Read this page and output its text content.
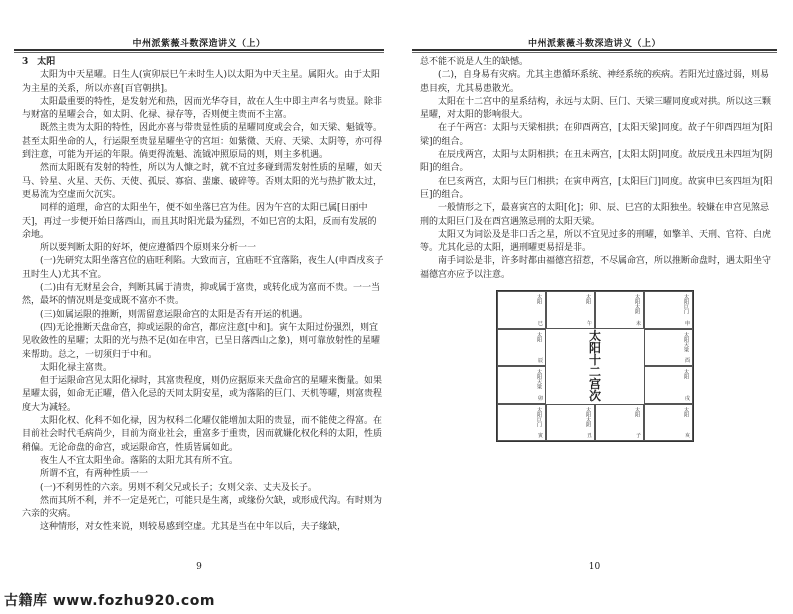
中州派紫薇斗数深造讲义（上）

3　太阳

太阳为中天星曜。日生人(寅卯辰巳午未时生人)以太阳为中天主星。属阳火。由于太阳为主星的关系，所以亦喜[百官朝拱]。

太阳最重要的特性，是发射光和热，因而光华夺目，故在人生中即主声名与贵显。除非与财富的星曜会合，如太阴、化禄、禄存等，否则便主贵而不主富。

既然主贵为太阳的特性，因此亦喜与带贵显性质的星曜同度或会合，如天梁、魁钺等。甚至太阳坐命的人，行运限至贵显星曜坐守的宫垣：如紫微、天府、天梁、太阴等，亦可得到注意，可能为开运的年限。倘更得流魁、流钺冲照原局的则，则主多机遇。

然而太阳既有发射的特性，所以为人慷之时，就不宜过多碰到需发射性质的星曜，如天马、铃星、火星、天伤、天使、孤辰、寡宿、蜚廉、破碎等。否则太阳的光与热扩散太过，更易流为空虚而欠沉实。

同样的道理，命宫的太阳坐午，便不如坐落巳宫为佳。因为午宫的太阳已属[日丽中天]，再过一步便开始日落西山，而且其时阳光最为猛烈，不如巳宫的太阳，反而有发展的余地。

所以要判断太阳的好坏，便应遵循四个原则来分析一一

(一)先研究太阳坐落宫位的庙旺利陷。大致而言，宜庙旺不宜落陷，夜生人(申酉戌亥子丑时生人)尤其不宜。

(二)由有无财星会合，判断其属于清贵，抑或属于富贵，或转化成为富而不贵。一一当然，最坏的情况则是变成既不富亦不贵。

(三)如属运限的推断，则需留意运限命宫的太阳是否有开运的机遇。

(四)无论推断天盘命宫，抑或运限的命宫，都应注意[中和]。寅午太阳过份强烈，则宜见收敛性的星曜；太阳的光与热不足(如在申宫，已呈日落西山之象)，则可靠放射性的星曜来帮助。总之，一切须归于中和。

太阳化禄主富贵。

但于运限命宫见太阳化禄时，其富贵程度，则仍应据原来天盘命宫的星曜来衡量。如果星曜太弱，如命无正曜，借入化忌的天同太阴安星，或为落陷的巨门、天机等曜，则富贵程度大为减轻。

太阳化权、化科不如化禄，因为权科二化曜仅能增加太阳的贵显，而不能使之得富。在目前社会时代毛病尚少，目前为商业社会，重富多于重贵，因而就嫌化权化科的太阳，性质稍偏。无论命盘的命宫，或运限命宫，性质皆属如此。

夜生人不宜太阳坐命。落陷的太阳尤其有所不宜。

所谓不宜，有两种性质一一

(一)不利男性的六亲。男则不利父兄或长子；女则父亲、丈夫及长子。

然而其所不利，并不一定是死亡，可能只是生离，或缘份欠缺，或形成代沟。有时则为六亲的灾病。

这种情形，对女性来说，则较易感到空虚。尤其是当在中年以后，夫子缘缺，

9
中州派紫薇斗数深造讲义（上）

总不能不说是人生的缺憾。

(二)，自身易有灾病。尤其主患循环系统、神经系统的疾病。若阳光过盛过弱，则易患目疾，尤其易患散光。

太阳在十二宫中的星系结构，永远与太阴、巨门、天梁三曜同度或对拱。所以这三颗星曜，对太阳的影响很大。

在子午两宫：太阳与天梁相拱；在卯酉两宫，[太阳天梁]同度。故子午卯酉四垣为[阳梁]的组合。

在辰戌两宫，太阳与太阴相拱；在丑未两宫，[太阳太阴]同度。故辰戌丑未四垣为[阴阳]的组合。

在巳亥两宫，太阳与巨门相拱；在寅申两宫，[太阳巨门]同度。故寅申巳亥四垣为[阳巨]的组合。

一般情形之下，最喜寅宫的太阳[化]；卯、辰、巳宫的太阳独坐。较嫌在申宫见煞忌刑的太阳巨门及在酉宫遇煞忌刑的太阳天梁。

太阳又为词讼及是非口舌之星，所以不宜见过多的刑曜，如擎羊、天刑、官符、白虎等。尤其化忌的太阳，遇刑曜更易招是非。

南手词讼是非，许多时都由福德宫招惹，不尽属命宫，所以推断命盘时，遇太阳坐守福德宫亦应予以注意。

太
阳
十
二
宫
次
太阳
巳
太阳
午
太阳太阴
未
太阳巨门
申
太阳
辰
太阳天梁
酉
太阳天梁
卯
太阳
戌
太阳巨门
寅
太阳太阴
丑
太阳
子
太阳
亥
10
古籍库 www.fozhu920.com
